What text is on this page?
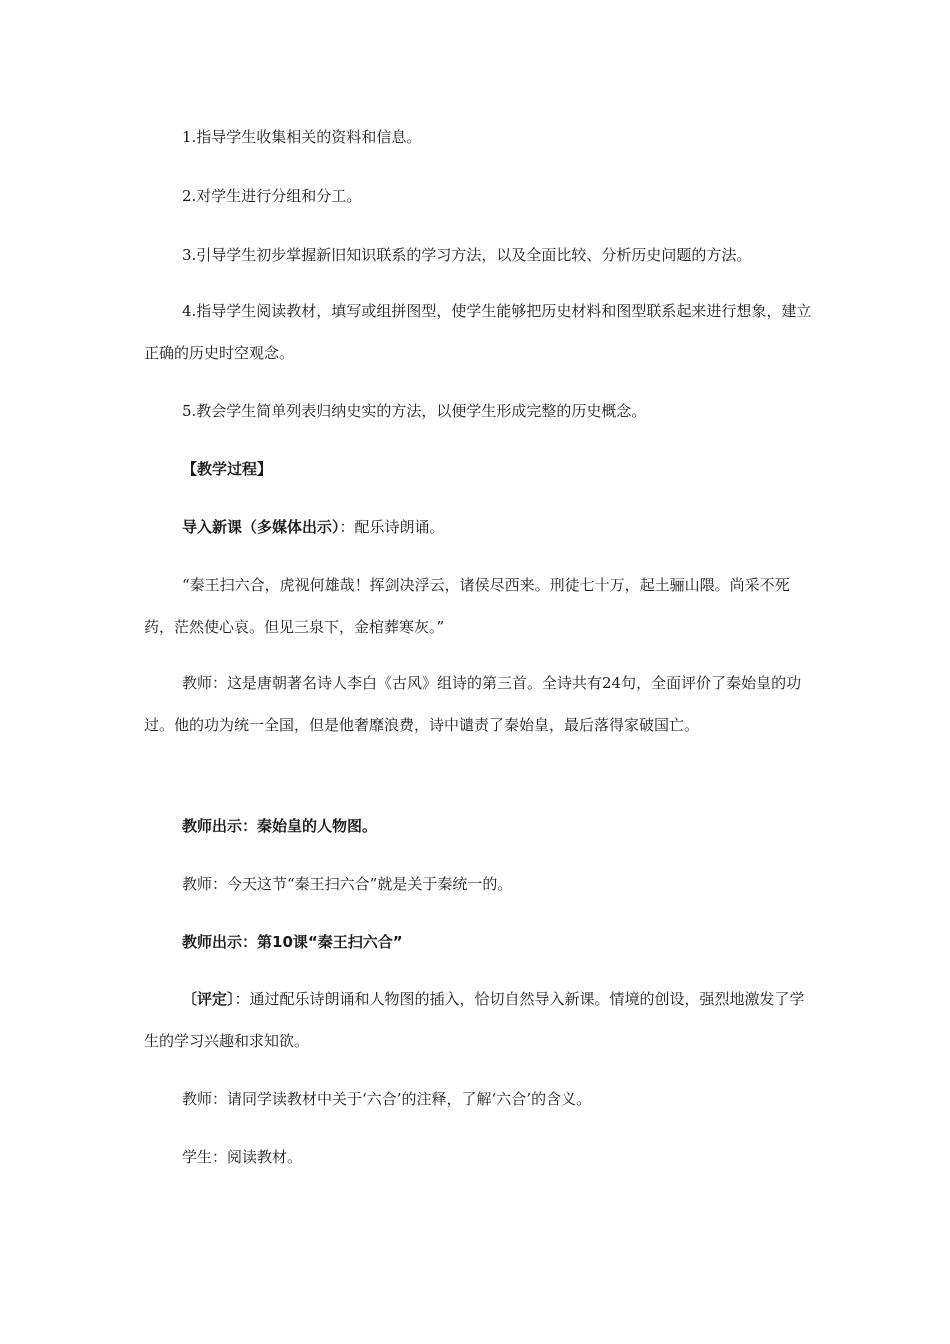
1.指导学生收集相关的资料和信息。

2.对学生进行分组和分工。

3.引导学生初步掌握新旧知识联系的学习方法，以及全面比较、分析历史问题的方法。

4.指导学生阅读教材，填写或组拼图型，使学生能够把历史材料和图型联系起来进行想象，建立正确的历史时空观念。

5.教会学生简单列表归纳史实的方法，以便学生形成完整的历史概念。

【教学过程】

导入新课（多媒体出示）：配乐诗朗诵。

“秦王扫六合，虎视何雄哉！挥剑决浮云，诸侯尽西来。刑徒七十万，起土骊山隈。尚采不死药，茫然使心哀。但见三泉下，金棺葬寒灰。”

教师：这是唐朝著名诗人李白《古风》组诗的第三首。全诗共有24句，全面评价了秦始皇的功过。他的功为统一全国，但是他奢靡浪费，诗中谴责了秦始皇，最后落得家破国亡。

教师出示：秦始皇的人物图。

教师：今天这节“秦王扫六合”就是关于秦统一的。

教师出示：第10课“秦王扫六合”

〔评定〕：通过配乐诗朗诵和人物图的插入，恰切自然导入新课。情境的创设，强烈地激发了学生的学习兴趣和求知欲。

教师：请同学读教材中关于‘六合’的注释，了解‘六合’的含义。

学生：阅读教材。
